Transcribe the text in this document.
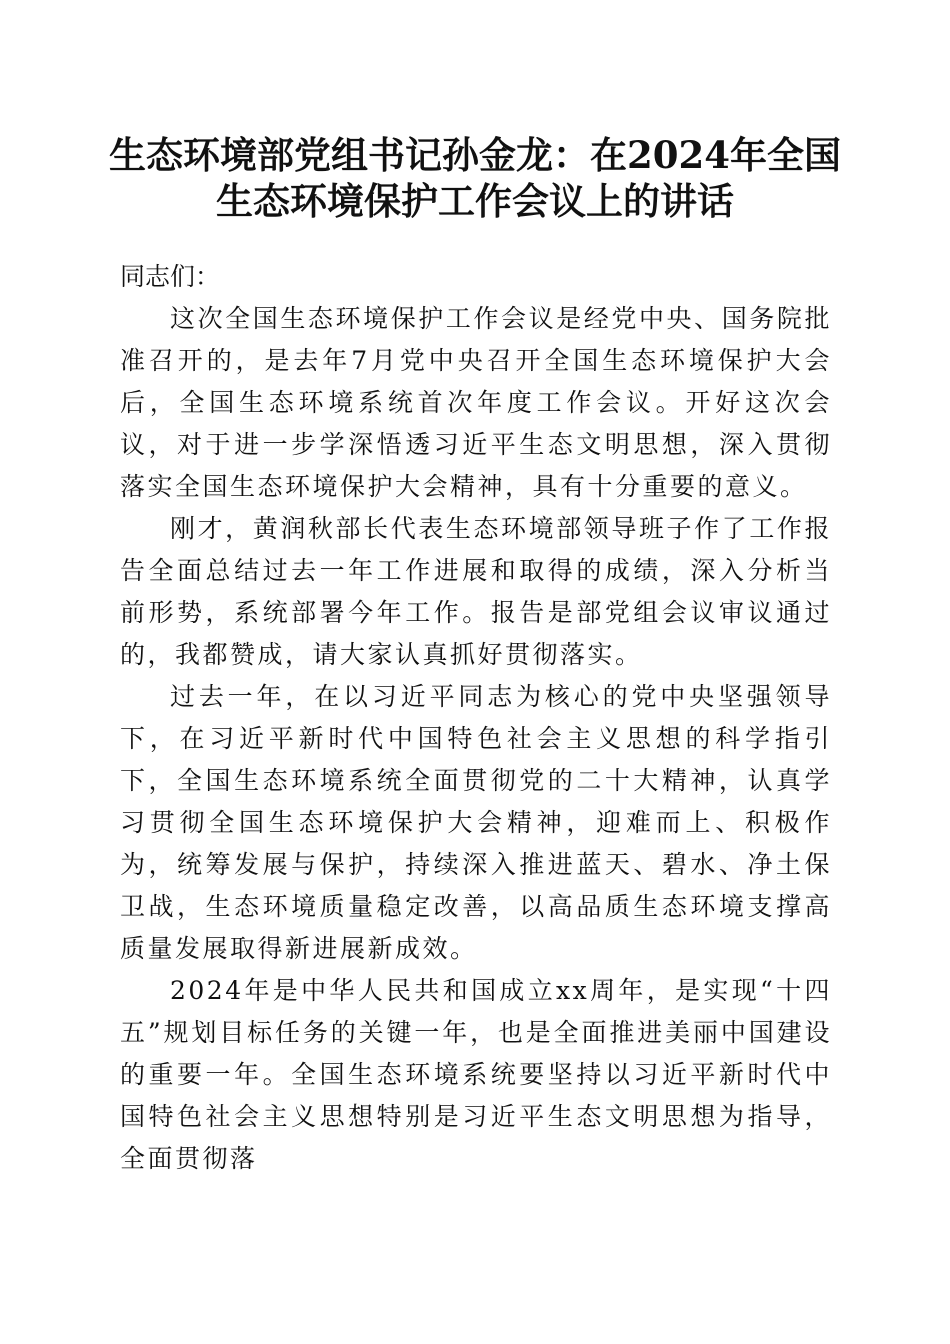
生态环境部党组书记孙金龙：在2024年全国
生态环境保护工作会议上的讲话

同志们：

这次全国生态环境保护工作会议是经党中央、国务院批准召开的，是去年7月党中央召开全国生态环境保护大会后，全国生态环境系统首次年度工作会议。开好这次会议，对于进一步学深悟透习近平生态文明思想，深入贯彻落实全国生态环境保护大会精神，具有十分重要的意义。

刚才，黄润秋部长代表生态环境部领导班子作了工作报告全面总结过去一年工作进展和取得的成绩，深入分析当前形势，系统部署今年工作。报告是部党组会议审议通过的，我都赞成，请大家认真抓好贯彻落实。

过去一年，在以习近平同志为核心的党中央坚强领导下，在习近平新时代中国特色社会主义思想的科学指引下，全国生态环境系统全面贯彻党的二十大精神，认真学习贯彻全国生态环境保护大会精神，迎难而上、积极作为，统筹发展与保护，持续深入推进蓝天、碧水、净土保卫战，生态环境质量稳定改善，以高品质生态环境支撑高质量发展取得新进展新成效。

2024年是中华人民共和国成立xx周年，是实现“十四五”规划目标任务的关键一年，也是全面推进美丽中国建设的重要一年。全国生态环境系统要坚持以习近平新时代中国特色社会主义思想特别是习近平生态文明思想为指导，全面贯彻落
